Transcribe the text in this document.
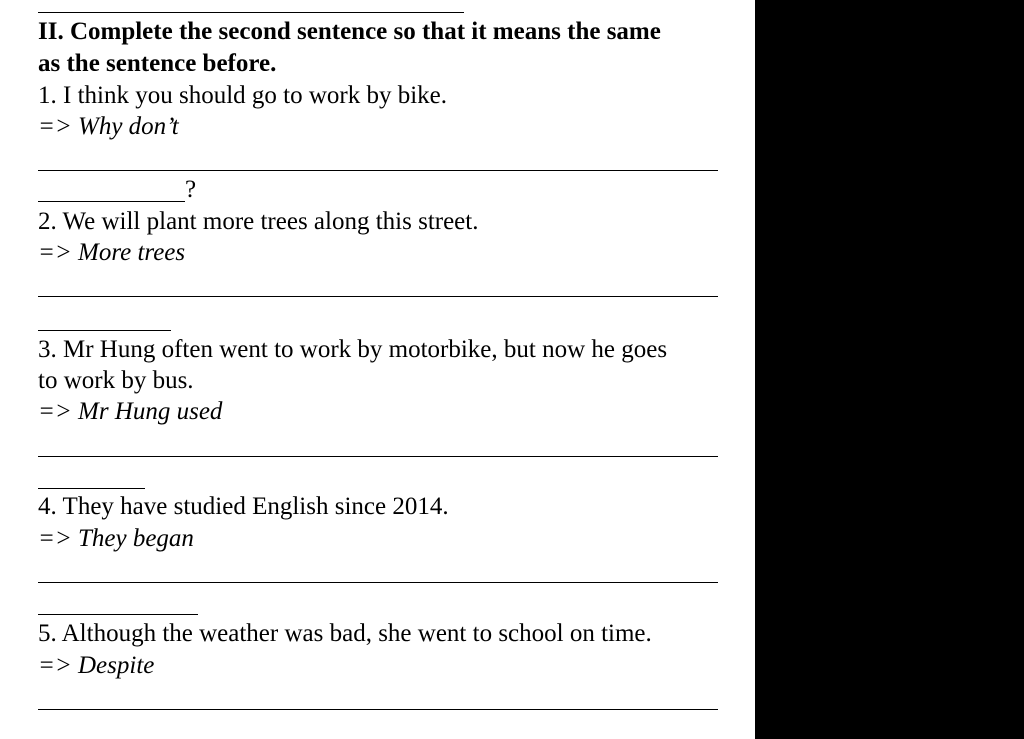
II. Complete the second sentence so that it means the same
as the sentence before.
1. I think you should go to work by bike.
=> Why don’t
?
2. We will plant more trees along this street.
=> More trees
3. Mr Hung often went to work by motorbike, but now he goes
to work by bus.
=> Mr Hung used
4. They have studied English since 2014.
=> They began
5. Although the weather was bad, she went to school on time.
=> Despite
